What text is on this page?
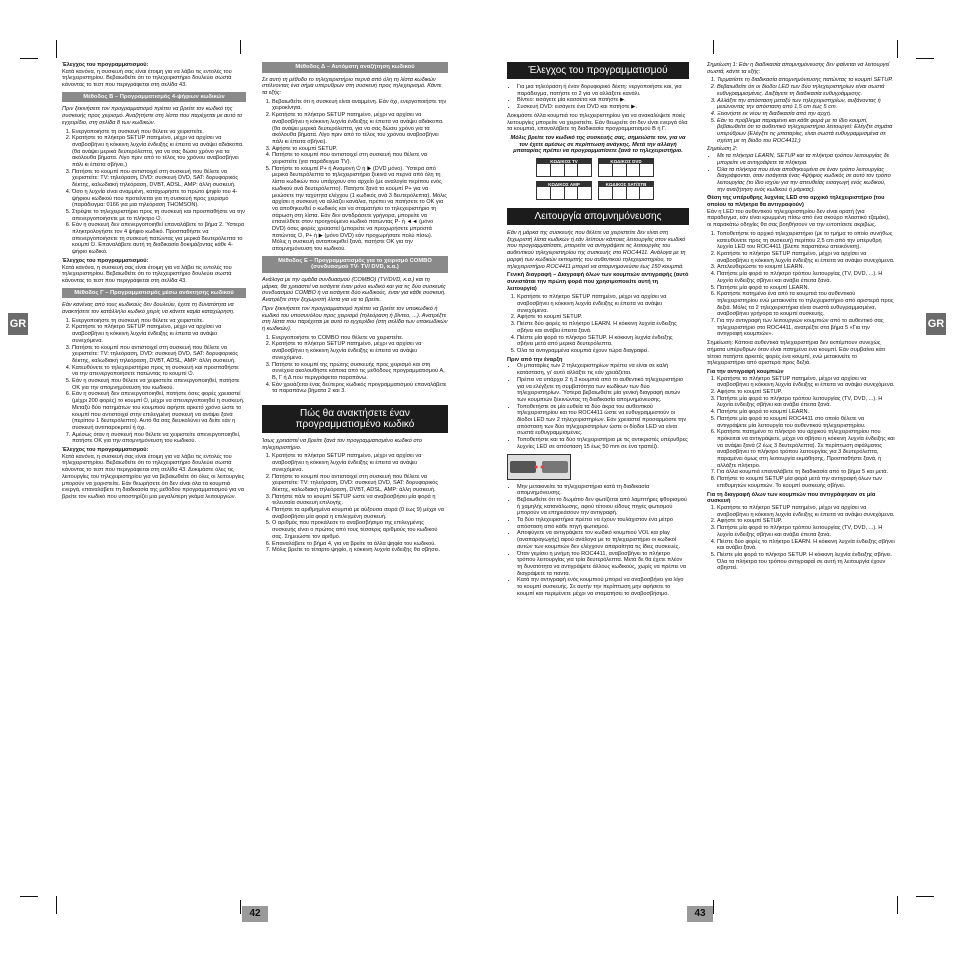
GR

Έλεγχος του προγραμματισμού:
Κατά κανόνα, η συσκευή σας είναι έτοιμη για να λάβει τις εντολές του τηλεχειριστηρίου. Βεβαιωθείτε ότι το τηλεχειριστήριο δουλεύει σωστά κάνοντας το τεστ που περιγράφεται στη σελίδα 43.

Μέθοδος Β – Προγραμματισμός 4-ψήφιων κωδικών

Πριν ξεκινήσετε τον προγραμματισμό πρέπει να βρείτε τον κωδικό της συσκευής προς χειρισμό. Αναζητήστε στη λίστα που παρέχεται με αυτό το εγχειρίδιο, στη σελίδα 8 των κωδικών.

1. Ενεργοποιήστε τη συσκευή που θέλετε να χειριστείτε.
2. Κρατήστε το πλήκτρο SETUP πατημένο, μέχρι να αρχίσει να αναβοσβήνει η κόκκινη λυχνία ένδειξης κι έπειτα να ανάψει αδιάκοπα. (θα ανάψει μερικά δευτερόλεπτα, για να σας δώσει χρόνο για τα ακόλουθα βήματα. Λίγο πριν από το τέλος του χρόνου αναβοσβήνει πάλι κι έπειτα σβήνει.)
3. Πατήστε το κουμπί που αντιστοιχεί στη συσκευή που θέλετε να χειριστείτε: TV: τηλεόραση, DVD: συσκευή DVD, SAT: δορυφορικός δέκτης, καλωδιακή τηλεόραση, DVBT, ADSL, AMP: άλλη συσκευή.
4. Όσο η λυχνία είναι αναμμένη, καταχωρήστε το πρώτο ψηφίο του 4-ψήφιου κωδικού που προτείνεται για τη συσκευή προς χειρισμό (παράδειγμα: 0166 για μια τηλεόραση THOMSON).
5. Στρέψτε το τηλεχειριστήριο προς τη συσκευή και προσπαθήστε να την απενεργοποιήσετε με το πλήκτρο ⏻.
6. Εάν η συσκευή δεν απενεργοποιηθεί επαναλάβετε το βήμα 2. Ύστερα πληκτρολογήστε τον 4 ψήφιο κωδικό. Προσπαθήστε να απενεργοποιήσετε τη συσκευή πατώντας για μερικά δευτερόλεπτα το κουμπί ⏻. Επαναλάβετε αυτή τη διαδικασία δοκιμάζοντας κάθε 4-ψήφιο κωδικό.

Έλεγχος του προγραμματισμού:
Κατά κανόνα, η συσκευή σας είναι έτοιμη για να λάβει τις εντολές του τηλεχειριστηρίου. Βεβαιωθείτε ότι το τηλεχειριστήριο δουλεύει σωστά κάνοντας το τεστ που περιγράφεται στη σελίδα 43.

Μέθοδος Γ – Προγραμματισμός μέσω ανάκτησης κωδικού

Εάν κανένας από τους κωδικούς δεν δουλεύει, έχετε τη δυνατότητα να ανακτήσετε τον κατάλληλο κωδικό χειρίς να κάνετε καμία καταχώρηση.

1. Ενεργοποιήστε τη συσκευή που θέλετε να χειριστείτε.
2. Κρατήστε το πλήκτρο SETUP πατημένο, μέχρι να αρχίσει να αναβοσβήνει η κόκκινη λυχνία ένδειξης κι έπειτα να ανάψει συνεχόμενα.
3. Πατήστε το κουμπί που αντιστοιχεί στη συσκευή που θέλετε να χειριστείτε: TV: τηλεόραση, DVD: συσκευή DVD, SAT: δορυφορικός δέκτης, καλωδιακή τηλεόραση, DVBT, ADSL, AMP: άλλη συσκευή.
4. Κατευθύνετε το τηλεχειριστήριο προς τη συσκευή και προσπαθήστε να την απενεργοποιήσετε πατώντας το κουμπί ⏻.
5. Εάν η συσκευή που θέλετε να χειριστείτε απενεργοποιηθεί, πατήστε OK για την απομνημόνευση του κωδικού.
6. Εάν η συσκευή δεν απενεργοποιηθεί, πατήστε όσες φορές χρειαστεί (μέχρι 200 φορές) το κουμπί ⏻, μέχρι να απενεργοποιηθεί η συσκευή. Μεταξύ δύο πατημάτων του κουμπιού αφήστε αρκετό χρόνο ώστε το κουμπί που αντιστοιχεί στην επιλεγμένη συσκευή να ανάψει ξανά (περίπου 1 δευτερόλεπτο). Αυτό θα σας διευκολύνει να δείτε εάν η συσκευή αντιπαροκριτεί ή όχι.
7. Αμέσως όταν η συσκευή που θέλετε να χειριστείτε απενεργοποιηθεί, πατήστε OK για την απομνημόνευση του κωδικού.

Έλεγχος του προγραμματισμού:
Κατά κανόνα, η συσκευή σας είναι έτοιμη για να λάβει τις εντολές του τηλεχειριστηρίου. Βεβαιωθείτε ότι το τηλεχειριστήριο δουλεύει σωστά κάνοντας το τεστ που περιγράφεται στη σελίδα 43. Δοκιμάστε όλες τις λειτουργίες του τηλεχειριστηρίου για να βεβαιωθείτε ότι όλες οι λειτουργίες μπορούν να χειριστείτε. Εάν θεωρήσετε ότι δεν είναι όλα τα κουμπιά ενεργά, επαναλάβετε τη διαδικασία της μεθόδου προγραμματισμού για να βρείτε τον κωδικό που υποστηρίζει μια μεγαλύτερη γκάμα λειτουργιών.

Μέθοδος Δ – Αυτόματη αναζήτηση κωδικού

Σε αυτή τη μέθοδο το τηλεχειριστήριο περνά από όλη τη λίστα κωδικών στέλνοντας ένα σήμα υπέρυθρων στη συσκευή προς τηλεχειρισμό. Κάντε τα εξής:

1. Βεβαιωθείτε ότι η συσκευή είναι αναμμένη. Εάν όχι, ενεργοποιήστε την χειροκίνητα.
2. Κρατήστε το πλήκτρο SETUP πατημένο, μέχρι να αρχίσει να αναβοσβήνει η κόκκινη λυχνία ένδειξης κι έπειτα να ανάψει αδιάκοπα. (θα ανάψει μερικά δευτερόλεπτα, για να σας δώσει χρόνο για τα ακόλουθα βήματα. Λίγο πριν από το τέλος του χρόνου αναβοσβήνει πάλι κι έπειτα σβήνει).
3. Αφήστε το κουμπί SETUP.
4. Πατήστε το κουμπί που αντιστοιχεί στη συσκευή που θέλετε να χειριστείτε (για παράδειγμα TV).
5. Πατήστε το κουμπί P+ ή Αναμονή ⏻ ή ▶ (DVD μόνο). Ύστερα από μερικά δευτερόλεπτα το τηλεχειριστήριο ξεκινά να περνά από όλη τη λίστα κωδικών που υπάρχουν στο αρχείο (με αναλογία περίπου ενός κωδικού ανά δευτερόλεπτο). Πατήστε ξανά το κουμπί P+ για να μειώσετε την ταχύτητα ελέγχου (1 κωδικός ανά 3 δευτερόλεπτα). Μόλις αρχίσει η συσκευή να αλλάζει κανάλια, πρέπει να πατήσετε το OK για να αποθηκευθεί ο κωδικός και να σταματήσει το τηλεχειριστήριο τη σάρωση στη λίστα. Εάν δεν αντιδράσετε γρήγορα, μπορείτε να επανέλθετε στον προηγούμενο κωδικό πατώντας P- ή ◄◄ (μόνο DVD) όσες φορές χρειαστεί (μπορείτε να προχωρήσετε μπροστά πατώντας ⏻, P+ ή ▶ (μόνο DVD) εάν προχωρήσατε πολύ πίσω). Μόλις η συσκευή ανταποκριθεί ξανά, πατήστε OK για την απομνημόνευση του κωδικού.
Μέθοδος Ε – Προγραμματισμός για το χειρισμό COMBO (συνδυασμού TV- TV/ DVD, κ.α.)

Ανάλογα με την ομάδα συνδυασμού (COMBO) (TV/DVD, κ.α.) και τη μάρκα, θα χρειαστεί να εισάγετε έναν μόνο κωδικό και για τις δύο συσκευές συνδυασμού COMBO ή να εισάγετε δύο κωδικούς, έναν για κάθε συσκευή. Ανατρέξτε στην ξεχωριστή λίστα για να το βρείτε.

Πριν ξεκινήσετε τον προγραμματισμό πρέπει να βρείτε τον υποκωδικό ή κωδικό του υποσυνόλου προς χειρισμό (τηλεόραση ή βίντεο, ...). Ανατρέξτε στη λίστα που παρέχεται με αυτό το εγχειρίδιο (στη σελίδα των υποκωδικών ή κωδικών).

1. Ενεργοποιήστε το COMBO που θέλετε να χειριστείτε.
2. Κρατήστε το πλήκτρο SETUP πατημένο, μέχρι να αρχίσει να αναβοσβήνει η κόκκινη λυχνία ένδειξης κι έπειτα να ανάψει συνεχόμενα.
3. Πατήστε το κουμπί της πρώτης συσκευής προς χειρισμό και στη συνέχεια ακολουθήστε κάποια από τις μεθόδους προγραμματισμού Α, Β, Γ ή Δ που περιγράφεται παραπάνω.
4. Εάν χρειάζεται ένας δεύτερος κωδικός προγραμματισμού επαναλάβετε τα παραπάνω βήματα 2 και 3.
Πώς θα ανακτήσετε έναν προγραμματισμένο κωδικό

Ίσως χρειαστεί να βρείτε ξανά τον προγραμματισμένο κωδικό στο τηλεχειριστήριο.

1. Κρατήστε το πλήκτρο SETUP πατημένο, μέχρι να αρχίσει να αναβοσβήνει η κόκκινη λυχνία ένδειξης κι έπειτα να ανάψει συνεχόμενα.
2. Πατήστε το κουμπί που αντιστοιχεί στη συσκευή που θέλετε να χειριστείτε: TV: τηλεόραση, DVD: συσκευή DVD, SAT: δορυφορικός δέκτης, καλωδιακή τηλεόραση, DVBT, ADSL, AMP: άλλη συσκευή.
3. Πατήστε πάλι το κουμπί SETUP ώστε να αναβοσβήσει μία φορά η τελευταία συσκευή επιλογής.
4. Πατήστε τα αριθμημένα κουμπιά με αύξουσα σειρά (0 έως 9) μέχρι να αναβοσβήσει μία φορά η επιλεγμένη συσκευή.
5. Ο αριθμός που προκάλεσε το αναβοσβήσιμο της επιλεγμένης συσκευής είναι ο πρώτος από τους τέσσερις αριθμούς του κωδικού σας. Σημειώστε τον αριθμό.
6. Επαναλάβετε το βήμα 4, για να βρείτε τα άλλα ψηφία του κωδικού.
7. Μόλις βρείτε το τέταρτο ψηφίο, η κόκκινη λυχνία ένδειξης θα σβήσει.
42
GR
Έλεγχος του προγραμματισμού
• Για μια τηλεόραση ή έναν δορυφορικό δέκτη: νεργοποιήστε και, για παράδειγμα, πατήστε το 2 για να αλλάξετε κανάλι.
• Βίντεο: εισάγετε μία κασσέτα και πατήστε ▶.
• Συσκευή DVD: εισάγετε ένα DVD και πατήστε ▶.

Δοκιμάστε όλλα κουμπιά του τηλεχειριστηρίου για να ανακαλύψετε ποιές λειτουργίες μπορείτε να χειριστείτε. Εάν θεωρείτε ότι δεν είναι ενεργά όλα τα κουμπιά, επαναλάβετε τη διαδικασία προγραμματισμού Β ή Γ.

Μόλις βρείτε τον κωδικό της συσκευής σας, σημειώστε τον, για να τον έχετε αμέσως σε περίπτωση ανάγκης. Μετά την αλλαγή μπαταρίας πρέπει να προγραμματίσετε ξανά το τηλεχειριστήριο.

ΚΩΔΙΚΟΣ TV	ΚΩΔΙΚΟΣ DVD

ΚΩΔΙΚΟΣ AMP	ΚΩΔΙΚΟΣ SAT/STB
Λειτουργία απομνημόνευσης

Εάν η μάρκα της συσκευής που θέλετε να χειριστείτε δεν είναι στη ξεχωριστή λίστα κωδικών ή εάν λείπουν κάποιες λειτουργίες στον κωδικό που προγραμματίσατε, μπορείτε να αντιγράψετε τις λειτουργίες του αυθεντικού τηλεχειριστηρίου της συσκευής στο ROC4411. Ανάλογα με τη μορφή των κωδικών εκπομπής του αυθεντικού τηλεχειριστηρίου, το τηλεχειριστήριο ROC4411 μπορεί να απομνημονεύσει έως 150 κουμπιά.

Γενική διαγραφή – Διαγραφή όλων των κουμπιών αντιγραφής (αυτό συνιστάται την πρώτη φορά που χρησιμοποιείτε αυτή τη λειτουργία)

1. Κρατήστε το πλήκτρο SETUP πατημένο, μέχρι να αρχίσει να αναβοσβήνει η κόκκινη λυχνία ένδειξης κι έπειτα να ανάψει συνεχόμενα.
2. Αφήστε το κουμπί SETUP.
3. Πιέστε δύο φορές το πλήκτρο LEARN. Η κόκκινη λυχνία ένδειξης σβήνει και ανάβει έπειτα ξανά.
4. Πιέστε μία φορά το πλήκτρο SETUP. Η κόκκινη λυχνία ένδειξης σβήνει μετά από μερικά δευτερόλεπτα.
5. Όλα τα αντιγραμμένα κουμπιά έχουν τώρα διαγραφεί.

Πριν από την έναρξη

• Οι μπαταρίες των 2 τηλεχειριστηρίων πρέπει να είναι σε καλή κατάσταση, γι' αυτό αλλάξτε τις εάν χρειάζεται.
• Πρέπει να υπάρχει 2 ή 3 κουμπιά από το αυθεντικό τηλεχειριστήριο για να ελέγξετε τη συμβατότητα των κωδίκων των δύο τηλεχειριστηρίων. Ύστερα βεβαιωθείτε μία γενική διαγραφή αυτών των κουμπιών ξεκινώντας τη διαδικασία απομνημόνευσης.
• Τοποθετήστε σε μία ευθεία τα δύο άκρα του αυθεντικού τηλεχειριστηρίου και του ROC4411 ώστε να ευθυγραμμιστούν οι δίοδοι LED των 2 τηλεχειριστηρίων. Εάν χρειαστεί προσαρμόστε την απόσταση των δύο τηλεχειριστηρίων ώστε οι δίοδοι LED να είναι σωστά ευθυγραμμισμένες.
• Τοποθετήστε και τα δύο τηλεχειριστήρια με τις αντικριστές υπέρυθρες λυχνίες LED σε απόσταση 15 έως 50 mm σε ένα τραπέζι.
• Μην μετακινείτε τα τηλεχειριστήρια κατά τη διαδικασία απομνημόνευσης.
• Βεβαιωθείτε ότι το δωμάτιο δεν φωτίζεται από λαμπτήρες φθορισμού ή χαμηλής κατανάλωσης, αφού τέτοιου είδους πηγές φωτισμού μπορούν να επηρεάσουν την αντιγραφή.
• Τα δύο τηλεχειριστήρια πρέπει να έχουν τουλάχιστον ένα μέτρο απόσταση από κάθε πηγή φωτισμού.
• Αποφύγετε να αντιγράψετε τον κωδικό κουμπιού VOL και play (αναπαραγωγής) αφού ανάλογα με το τηλεχειριστήριο οι κωδικοί αυτών των κουμπιών δεν ελέγχουν απαραίτητα τις ίδιες συσκευές.
• Όταν γεμίσει η μνήμη του ROC4411, αναβοσβήνει το πλήκτρο τρόπου λειτουργίας για τρία δευτερόλεπτα. Μετά δε θα έχετε πλέον τη δυνατότητα να αντιγράψετε άλλους κωδικούς, χωρίς να πρέπει να διαγράψετε τα παντα.
• Κατά την αντιγραφή ενός κουμπιού μπορεί να αναβοσβήνει για λίγο το κουμπί συσκευής. Σε αυτήν την περίπτωση μην αφήσετε το κουμπί και περιμένετε μέχρι να σταματήσει το αναβοσβήσιμο.

Σημείωση 1: Εάν η διαδικασία απομνημόνευσης δεν φαίνεται να λειτουργεί σωστά, κάντε τα εξής:

1. Τερματίστε τη διαδικασία απομνημόνευσης πατώντας το κουμπί SETUP.
2. Βεβαιωθείτε ότι οι δίοδοι LED των δύο τηλεχειριστηρίων είναι σωστά ευθυγραμμισμένες. Διεξάγετε τη διαδικασία ευθυγράμμισης.
3. Αλλάξτε την απόσταση μεταξύ των τηλεχειριστηρίων, αυξάνοντας ή μειώνοντας την απόσταση από 1,5 cm έως 5 cm.
4. Ξεκινήστε εκ νέου τη διαδικασία από την αρχή.
5. Εάν το πρόβλημα παραμένει και κάθε φορά με το ίδιο κουμπί, βεβαιωθείτε ότι το αυθεντικό τηλεχειριστήριο λειτουργεί: Ελέγξτε σημάτα υπερύθρων (Ελέγξτε τις μπαταρίες, είναι σωστά ευθυγραμμισμένα σε σχέση με τη δίοδο του ROC4411;)

Σημείωση 2:

• Με τα πλήκτρα LEARN, SETUP και τα πλήκτρα τρόπου λειτουργίας δε μπορείτε να αντιγράψετε τα πλήκτρα.
• Όλα τα πλήκτρα που είναι αποθηκευμένα σε έναν τρόπο λειτουργίας διαγράφονται, όταν εισάγεται ένας 4ψήφιος κωδικός σε αυτό τον τρόπο λειτουργίας (το ίδιο ισχύει για την απευθείας εισαγωγή ενός κωδικού, την αναζήτηση ενός κωδικού ή μάρκας).

Θέση της υπέρυθρης λυχνίας LED στο αρχικό τηλεχειριστήριο (του οποίου τα πλήκτρα θα αντιγραφούν)

Εάν η LED του αυθεντικού τηλεχειριστηρίου δεν είναι ορατή (για παράδειγμα, εάν είναι κρυμμένη πίσω από ένα σκούρο πλαστικό τζαμάκι), οι παρακάτω οδηγίες θα σας βοηθήσουν να την εντοπίσετε ακριβώς.

1. Τοποθετήστε το αρχικό τηλεχειριστήριο (με το τμήμα το οποίο συνήθως κατευθύνετε προς τη συσκευή) περίπου 2,5 cm από την υπέρυθρη λυχνία LED του ROC4411 (βλέπε παραπάνω απεικόνιση).
2. Κρατήστε το πλήκτρο SETUP πατημένο, μέχρι να αρχίσει να αναβοσβήνει η κόκκινη λυχνία ένδειξης κι έπειτα να ανάψει συνεχόμενα.
3. Απελευθερώστε το κουμπί LEARN.
4. Πατήστε μία φορά το πλήκτρο τρόπου λειτουργίας (TV, DVD, ...). Η λυχνία ένδειξης σβήνει και ανάβει έπειτα ξανά.
5. Πατήστε μία φορά το κουμπί LEARN.
6. Κρατήστε πατημένο ένα από τα κουμπιά του αυθεντικού τηλεχειριστηρίου ενώ μετακινείτε το τηλεχειριστήριο από αριστερά προς δεξιά. Μόλις τα 2 τηλεχειριστήρια είναι σωστά ευθυγραμμισμένα, αναβοσβήνει γρήγορα το κουμπί συσκευής.
7. Για την αντιγραφή των λειτουργιών κουμπιών από το αυθεντικό σας τηλεχειριστήριο στο ROC4411, ανατρέξτε στα βήμα 5 «Για την αντιγραφή κουμπιών».

Σημείωση: Κάποια αυθεντικά τηλεχειριστήρια δεν εκπέμπουν συνεχώς σήματα υπέρυθρων όταν είναι πατημένα ένα κουμπί. Εάν συμβαίνει κάτι τέτοιο πατήστε αρκετές φορές ένα κουμπί, ενώ μετακινείτε το τηλεχειριστήριο από αριστερά προς δεξιά.

Για την αντιγραφή κουμπιών

1. Κρατήστε το πλήκτρο SETUP πατημένο, μέχρι να αρχίσει να αναβοσβήνει η κόκκινη λυχνία ένδειξης κι έπειτα να ανάψει συνεχόμενα.
2. Αφήστε το κουμπί SETUP.
3. Πατήστε μία φορά το πλήκτρο τρόπου λειτουργίας (TV, DVD, ...). Η λυχνία ένδειξης σβήνει και ανάβει έπειτα ξανά.
4. Πατήστε μία φορά το κουμπί LEARN.
5. Πατήστε μία φορά το κουμπί ROC4411 στο οποίο θέλετε να αντιγράψετε μία λειτουργία του αυθεντικού τηλεχειριστηρίου.
6. Κρατήστε πατημένο το πλήκτρο του αρχικού τηλεχειριστηρίου που πρόκειται να αντιγράψετε, μέχρι να σβήσει η κόκκινη λυχνία ένδειξης και να ανάψει ξανά (2 έως 3 δευτερόλεπτα). Σε περίπτωση σφάλματος αναβοσβήνει το πλήκτρο τρόπου λειτουργίας για 3 δευτερόλεπτα, παραμένει όμως στη λειτουργία εκμάθησης. Προσπαθήστε ξανά, ή αλλάξτε πλήκτρο.
7. Για άλλα κουμπιά επαναλάβετε τη διαδικασία από το βήμα 5 και μετά.
8. Πατήστε το κουμπί SETUP μία φορά μετά την αντιγραφή όλων των επιθυμητών κουμπιών. Το κουμπί συσκευής σβήνει.

Για τη διαγραφή όλων των κουμπιών που αντιγράφηκαν σε μία συσκευή

1. Κρατήστε το πλήκτρο SETUP πατημένο, μέχρι να αρχίσει να αναβοσβήνει η κόκκινη λυχνία ένδειξης κι έπειτα να ανάψει συνεχόμενα.
2. Αφήστε το κουμπί SETUP.
3. Πατήστε μία φορά το πλήκτρο τρόπου λειτουργίας (TV, DVD, ...). Η λυχνία ένδειξης σβήνει και ανάβει έπειτα ξανά.
4. Πιέστε δύο φορές το πλήκτρο LEARN. Η κόκκινη λυχνία ένδειξης σβήνει και ανάβει ξανά.
5. Πιέστε μία φορά το πλήκτρο SETUP. Η κόκκινη λυχνία ένδειξης σβήνει. Όλα τα πλήκτρα του τρόπου αντιγραφαί σε αυτή τη λειτουργία έχουν σβηστεί.
43
